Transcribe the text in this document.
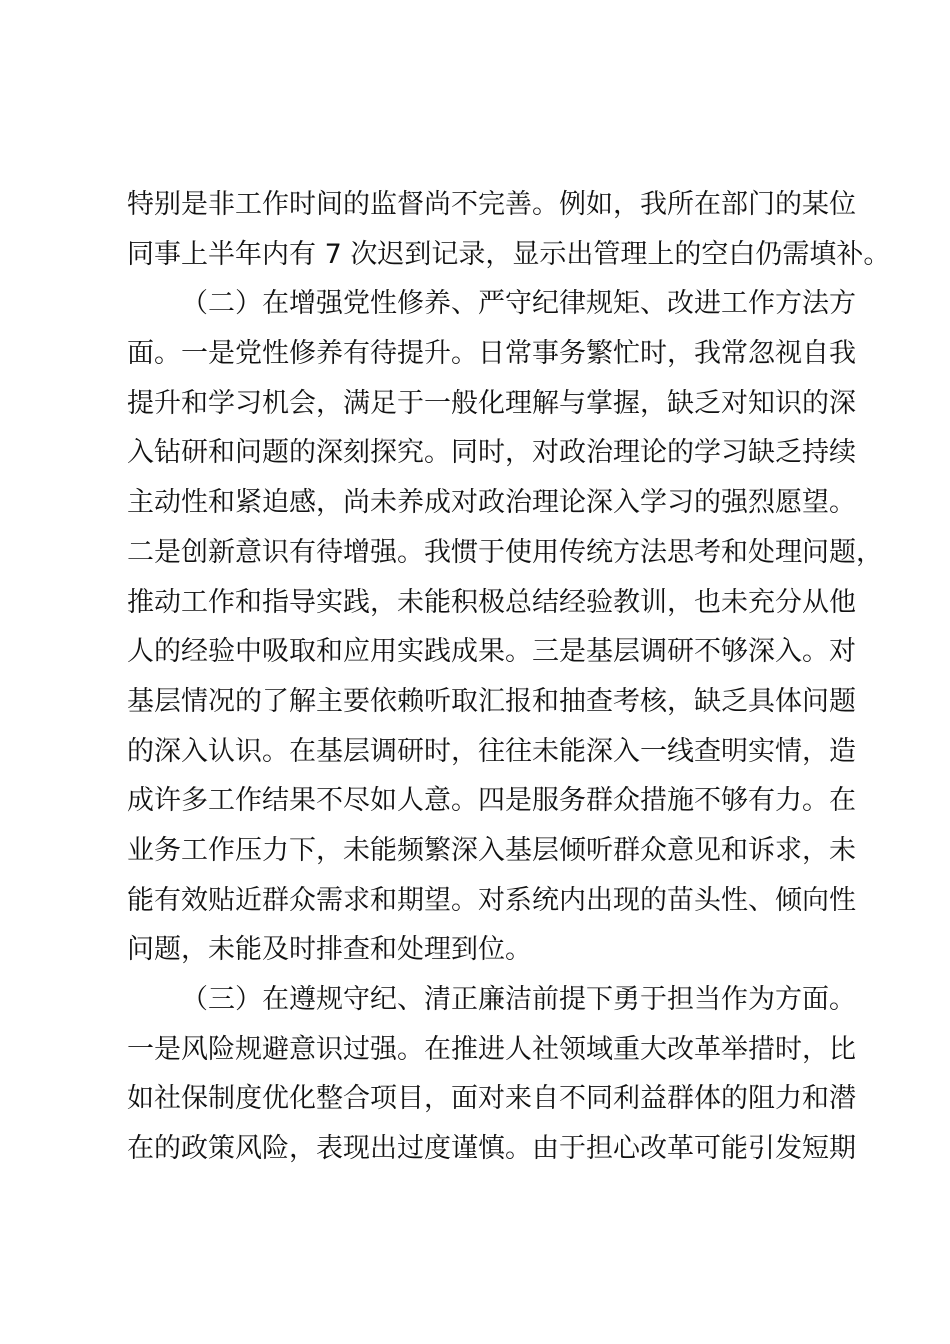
特别是非工作时间的监督尚不完善。例如，我所在部门的某位
同事上半年内有 7 次迟到记录，显示出管理上的空白仍需填补。
（二）在增强党性修养、严守纪律规矩、改进工作方法方
面。一是党性修养有待提升。日常事务繁忙时，我常忽视自我
提升和学习机会，满足于一般化理解与掌握，缺乏对知识的深
入钻研和问题的深刻探究。同时，对政治理论的学习缺乏持续
主动性和紧迫感，尚未养成对政治理论深入学习的强烈愿望。
二是创新意识有待增强。我惯于使用传统方法思考和处理问题，
推动工作和指导实践，未能积极总结经验教训，也未充分从他
人的经验中吸取和应用实践成果。三是基层调研不够深入。对
基层情况的了解主要依赖听取汇报和抽查考核，缺乏具体问题
的深入认识。在基层调研时，往往未能深入一线查明实情，造
成许多工作结果不尽如人意。四是服务群众措施不够有力。在
业务工作压力下，未能频繁深入基层倾听群众意见和诉求，未
能有效贴近群众需求和期望。对系统内出现的苗头性、倾向性
问题，未能及时排查和处理到位。
（三）在遵规守纪、清正廉洁前提下勇于担当作为方面。
一是风险规避意识过强。在推进人社领域重大改革举措时，比
如社保制度优化整合项目，面对来自不同利益群体的阻力和潜
在的政策风险，表现出过度谨慎。由于担心改革可能引发短期
